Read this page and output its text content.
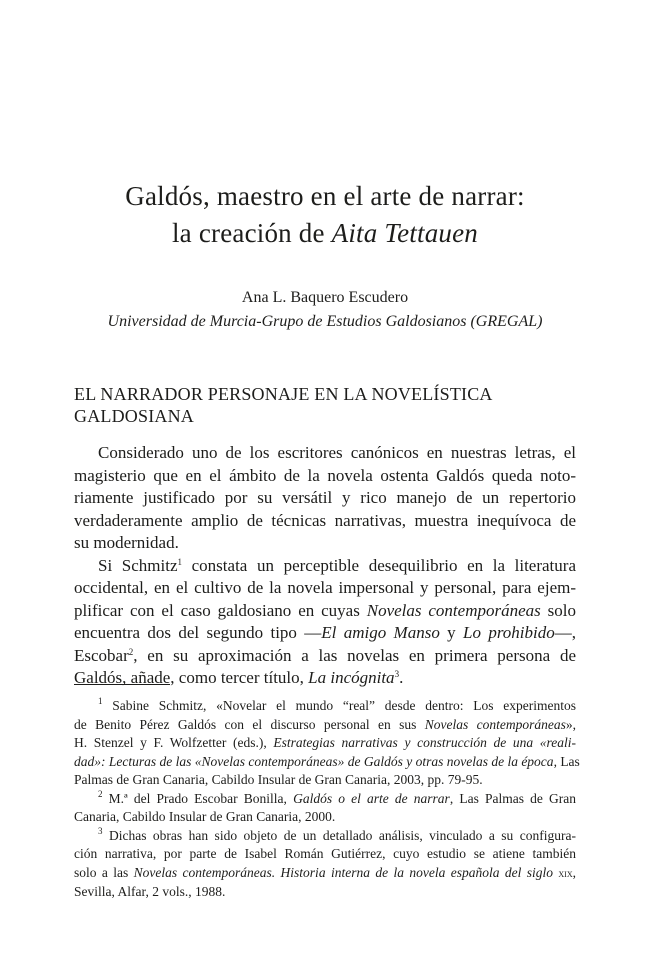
Galdós, maestro en el arte de narrar:
la creación de Aita Tettauen

Ana L. Baquero Escudero

Universidad de Murcia-Grupo de Estudios Galdosianos (GREGAL)

EL NARRADOR PERSONAJE EN LA NOVELÍSTICA
GALDOSIANA

Considerado uno de los escritores canónicos en nuestras letras, el
magisterio que en el ámbito de la novela ostenta Galdós queda noto-
riamente justificado por su versátil y rico manejo de un repertorio
verdaderamente amplio de técnicas narrativas, muestra inequívoca de
su modernidad.

Si Schmitz$^1$ constata un perceptible desequilibrio en la literatura
occidental, en el cultivo de la novela impersonal y personal, para ejem-
plificar con el caso galdosiano en cuyas Novelas contemporáneas solo
encuentra dos del segundo tipo —El amigo Manso y Lo prohibido—,
Escobar$^2$, en su aproximación a las novelas en primera persona de
Galdós, añade, como tercer título, La incógnita$^3$.

$^1$ Sabine Schmitz, «Novelar el mundo “real” desde dentro: Los experimentos
de Benito Pérez Galdós con el discurso personal en sus Novelas contemporáneas»,
H. Stenzel y F. Wolfzetter (eds.), Estrategias narrativas y construcción de una «reali-
dad»: Lecturas de las «Novelas contemporáneas» de Galdós y otras novelas de la época, Las
Palmas de Gran Canaria, Cabildo Insular de Gran Canaria, 2003, pp. 79-95.
$^2$ M.ª del Prado Escobar Bonilla, Galdós o el arte de narrar, Las Palmas de Gran
Canaria, Cabildo Insular de Gran Canaria, 2000.
$^3$ Dichas obras han sido objeto de un detallado análisis, vinculado a su configura-
ción narrativa, por parte de Isabel Román Gutiérrez, cuyo estudio se atiene también
solo a las Novelas contemporáneas. Historia interna de la novela española del siglo xix,
Sevilla, Alfar, 2 vols., 1988.
